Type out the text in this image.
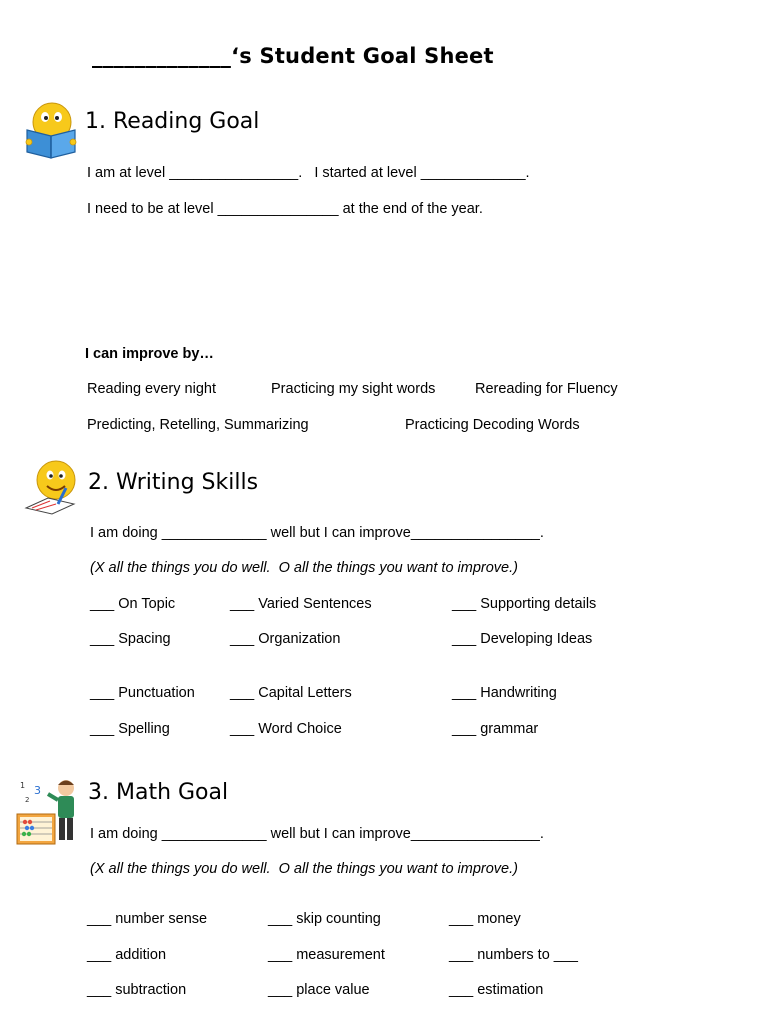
_____________‘s Student Goal Sheet
1. Reading Goal
I am at level ________________.   I started at level _____________.
I need to be at level _______________ at the end of the year.
I can improve by…
Reading every night	Practicing my sight words	Rereading for Fluency
Predicting, Retelling, Summarizing	Practicing Decoding Words
2. Writing Skills
I am doing _____________ well but I can improve________________.
(X all the things you do well.  O all the things you want to improve.)
___ On Topic	___ Varied Sentences	___ Supporting details
___ Spacing	___ Organization	___ Developing Ideas
___ Punctuation ___ Capital Letters	___ Handwriting
___ Spelling	___ Word Choice	___ grammar
1 3
2	3. Math Goal
I am doing _____________ well but I can improve________________.
(X all the things you do well.  O all the things you want to improve.)
___ number sense	___ skip counting	___ money
___ addition	___ measurement	___ numbers to ___
___ subtraction	___ place value	___ estimation
